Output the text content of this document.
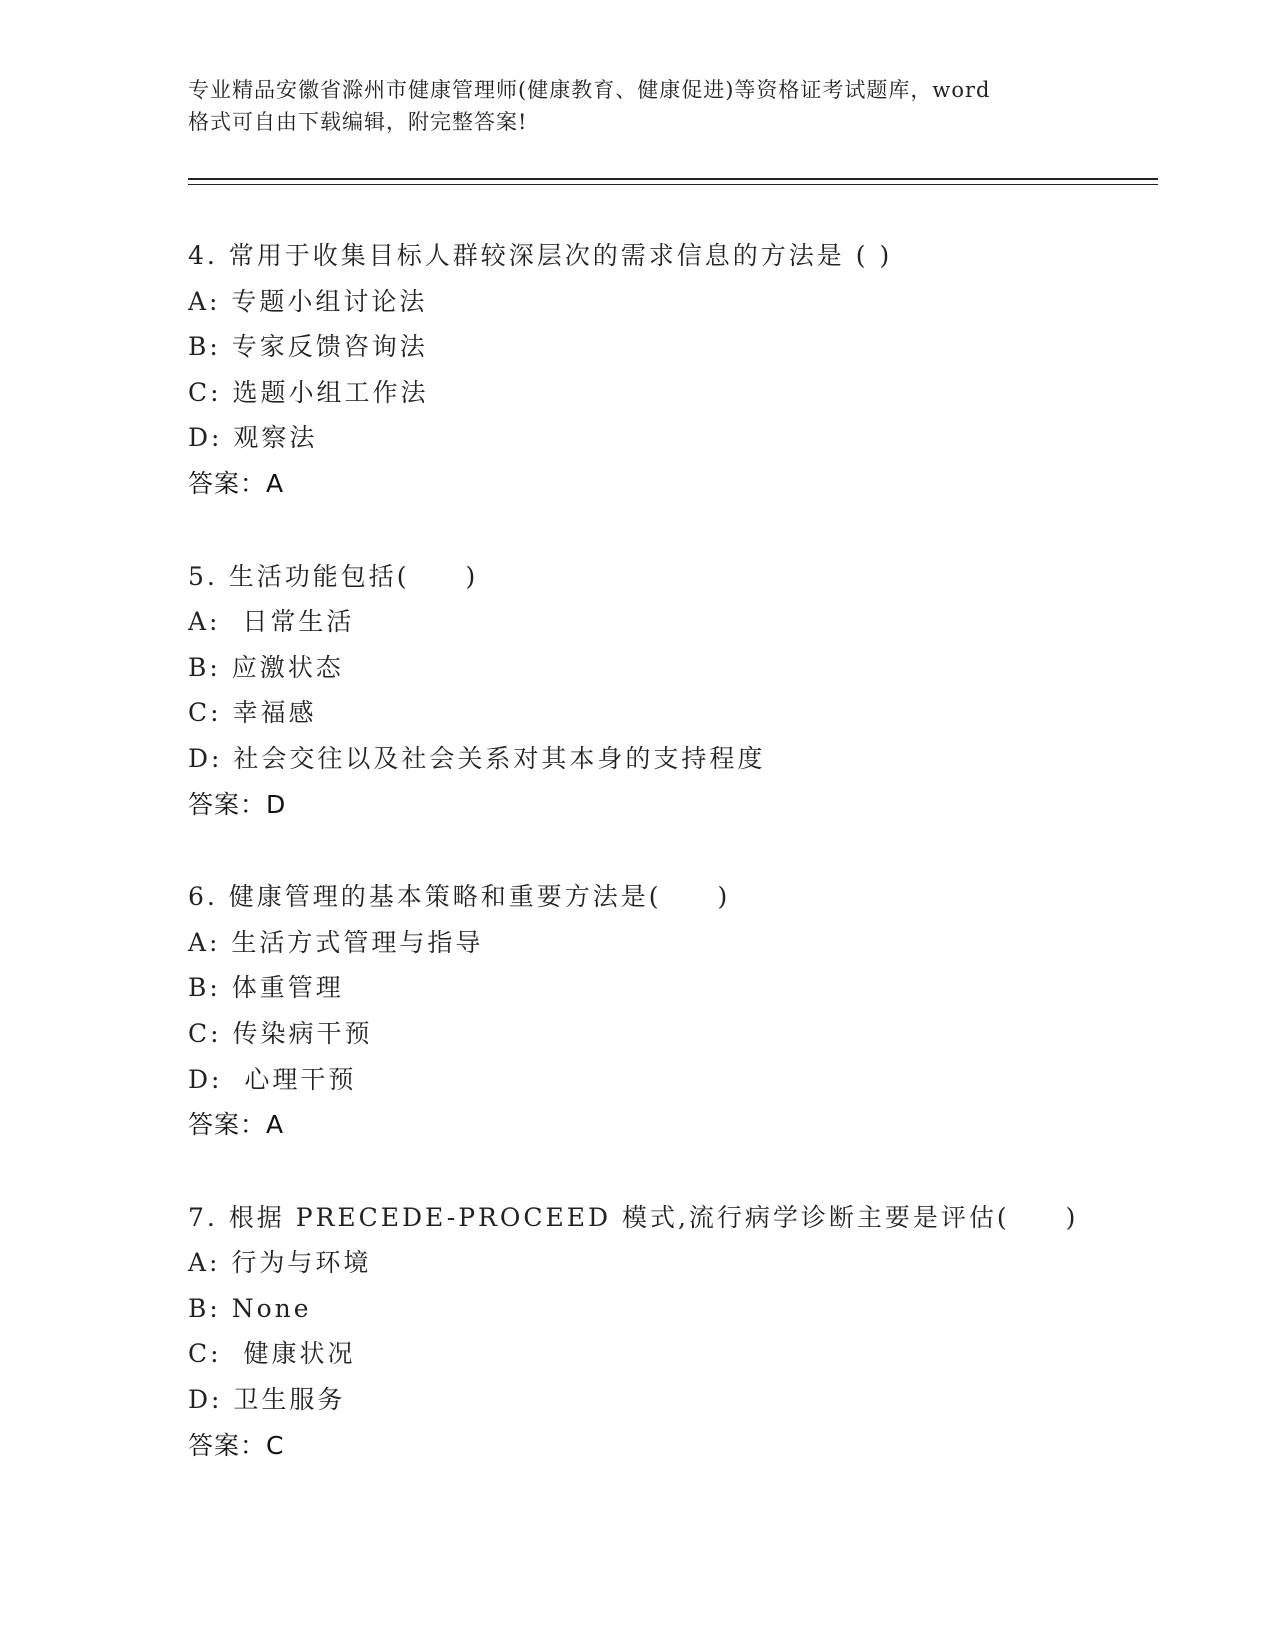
专业精品安徽省滁州市健康管理师(健康教育、健康促进)等资格证考试题库，word
格式可自由下载编辑，附完整答案!
4. 常用于收集目标人群较深层次的需求信息的方法是 ( )
A: 专题小组讨论法
B: 专家反馈咨询法
C: 选题小组工作法
D: 观察法
答案：A
5. 生活功能包括(　　)
A:  日常生活
B: 应激状态
C: 幸福感
D: 社会交往以及社会关系对其本身的支持程度
答案：D
6. 健康管理的基本策略和重要方法是(　　)
A: 生活方式管理与指导
B: 体重管理
C: 传染病干预
D:  心理干预
答案：A
7. 根据 PRECEDE-PROCEED 模式,流行病学诊断主要是评估(　　)
A: 行为与环境
B: None
C:  健康状况
D: 卫生服务
答案：C
